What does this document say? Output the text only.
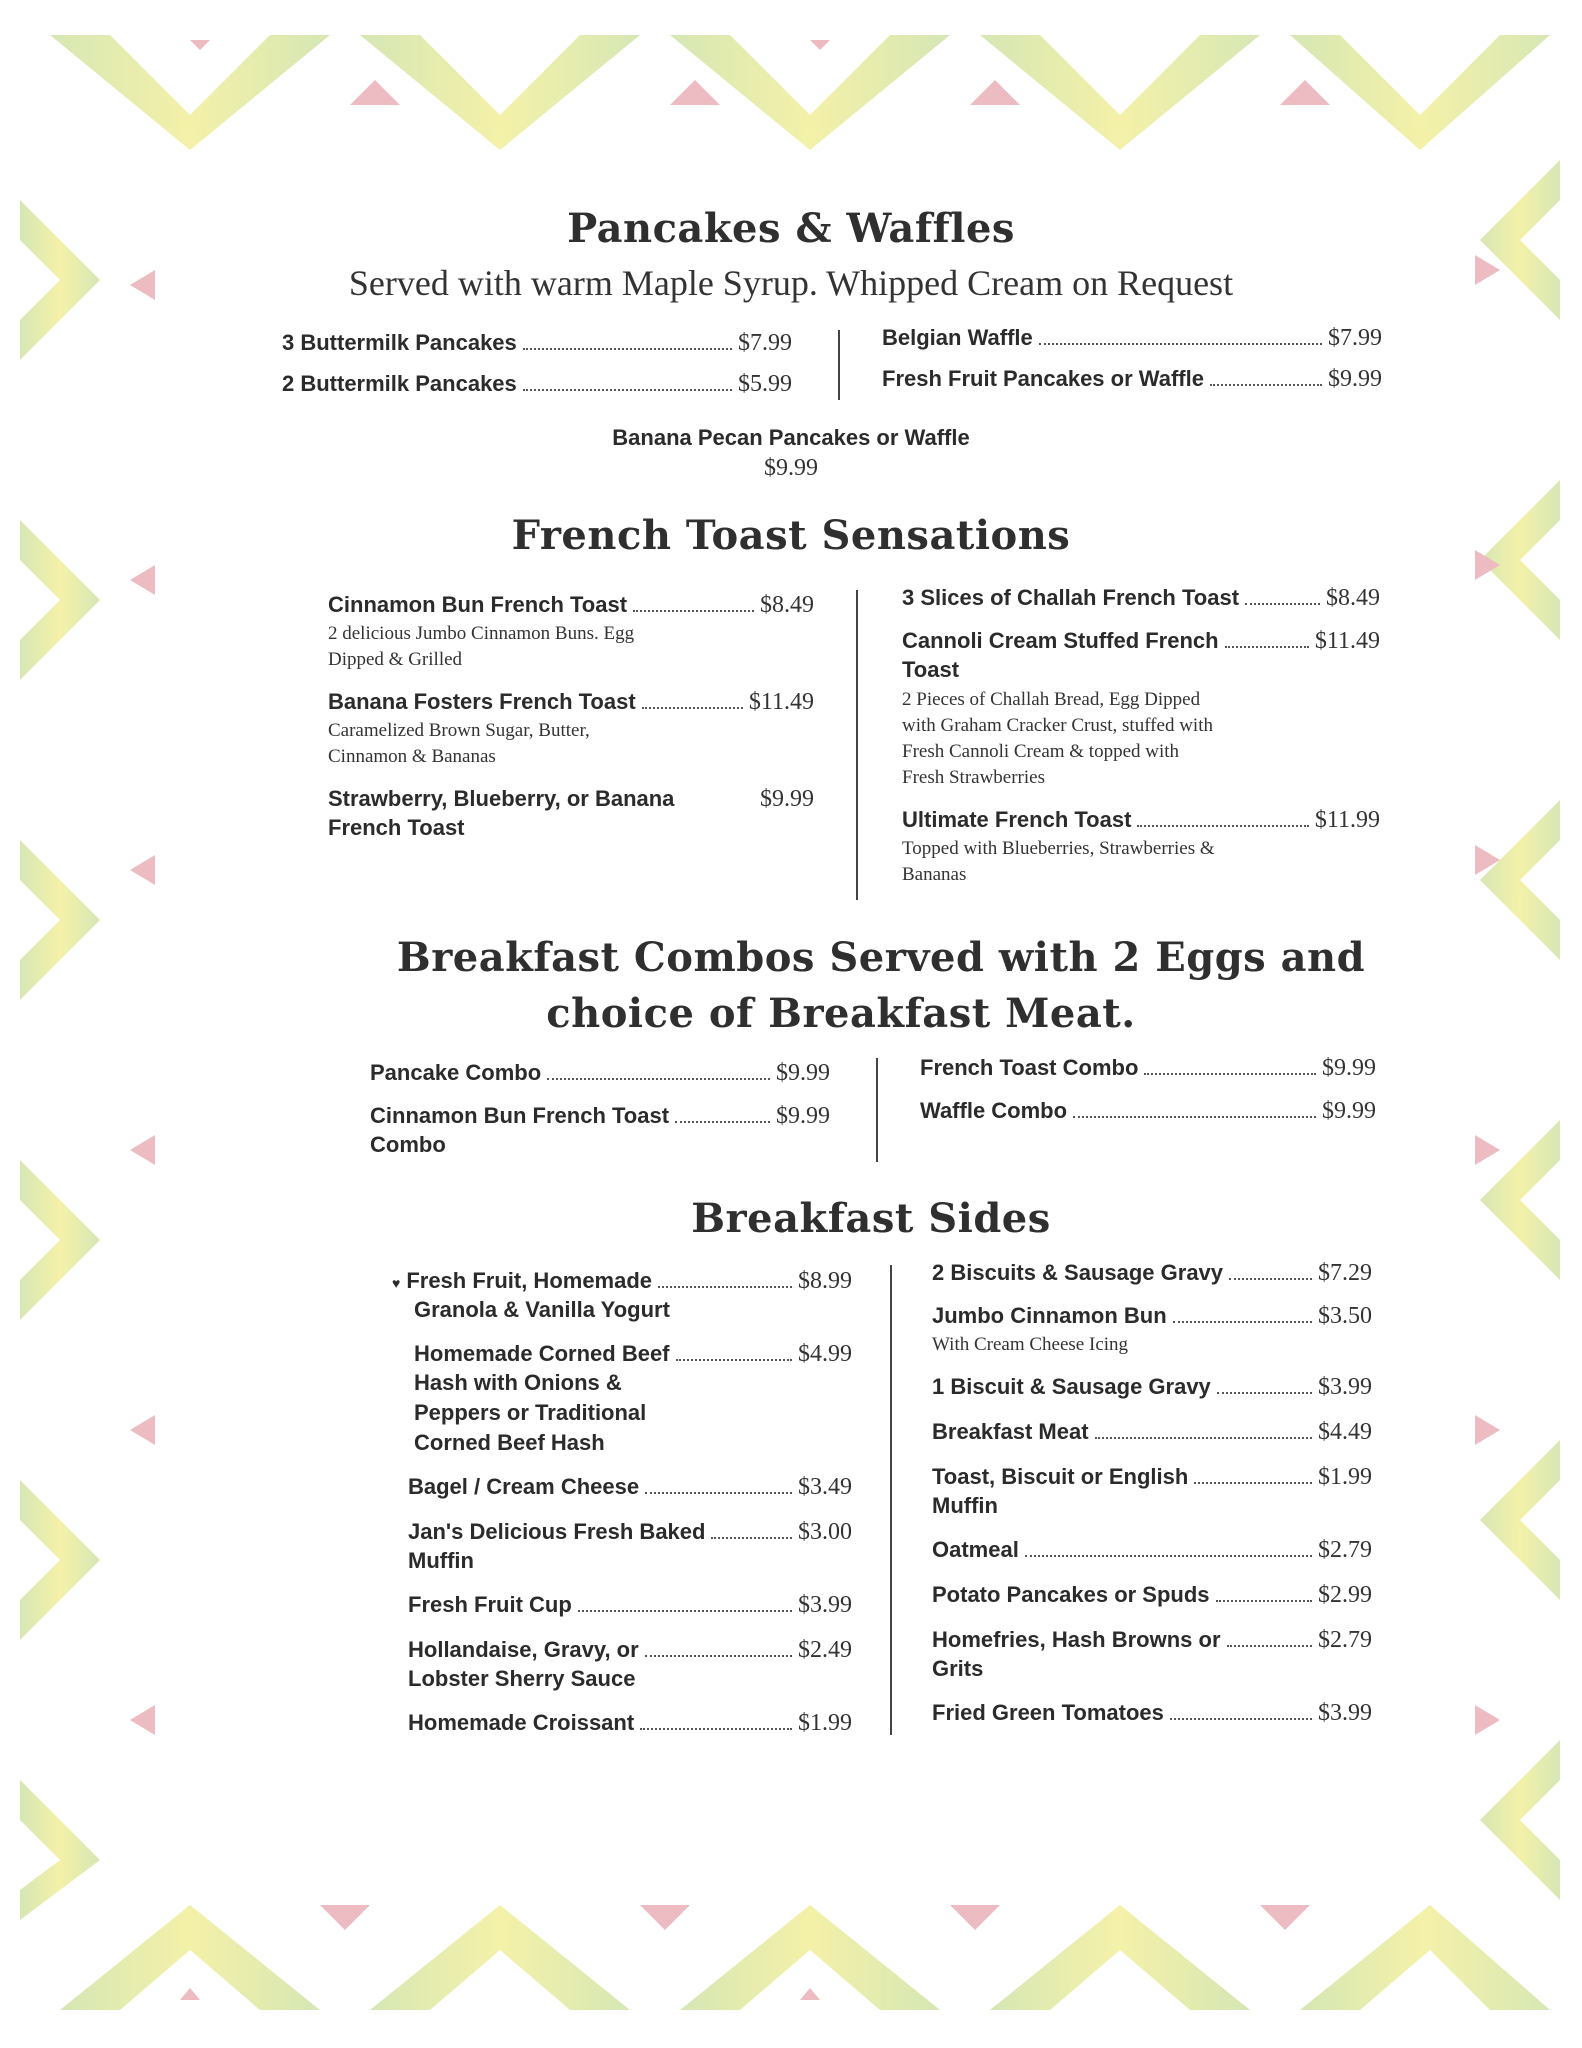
Pancakes & Waffles
Served with warm Maple Syrup. Whipped Cream on Request
3 Buttermilk Pancakes	$7.99
2 Buttermilk Pancakes	$5.99
Belgian Waffle	$7.99
Fresh Fruit Pancakes or Waffle	$9.99
Banana Pecan Pancakes or Waffle
$9.99
French Toast Sensations
Cinnamon Bun French Toast	$8.49
2 delicious Jumbo Cinnamon Buns. Egg
Dipped & Grilled
Banana Fosters French Toast	$11.49
Caramelized Brown Sugar, Butter,
Cinnamon & Bananas
Strawberry, Blueberry, or Banana	$9.99
French Toast
3 Slices of Challah French Toast	$8.49
Cannoli Cream Stuffed French	$11.49
Toast
2 Pieces of Challah Bread, Egg Dipped
with Graham Cracker Crust, stuffed with
Fresh Cannoli Cream & topped with
Fresh Strawberries
Ultimate French Toast	$11.99
Topped with Blueberries, Strawberries &
Bananas
Breakfast Combos Served with 2 Eggs and
choice of Breakfast Meat.
Pancake Combo	$9.99
Cinnamon Bun French Toast	$9.99
Combo
French Toast Combo	$9.99
Waffle Combo	$9.99
Breakfast Sides
♥ Fresh Fruit, Homemade	$8.99
Granola & Vanilla Yogurt
Homemade Corned Beef	$4.99
Hash with Onions &
Peppers or Traditional
Corned Beef Hash
Bagel / Cream Cheese	$3.49
Jan's Delicious Fresh Baked	$3.00
Muffin
Fresh Fruit Cup	$3.99
Hollandaise, Gravy, or	$2.49
Lobster Sherry Sauce
Homemade Croissant	$1.99
2 Biscuits & Sausage Gravy	$7.29
Jumbo Cinnamon Bun	$3.50
With Cream Cheese Icing
1 Biscuit & Sausage Gravy	$3.99
Breakfast Meat	$4.49
Toast, Biscuit or English	$1.99
Muffin
Oatmeal	$2.79
Potato Pancakes or Spuds	$2.99
Homefries, Hash Browns or	$2.79
Grits
Fried Green Tomatoes	$3.99
